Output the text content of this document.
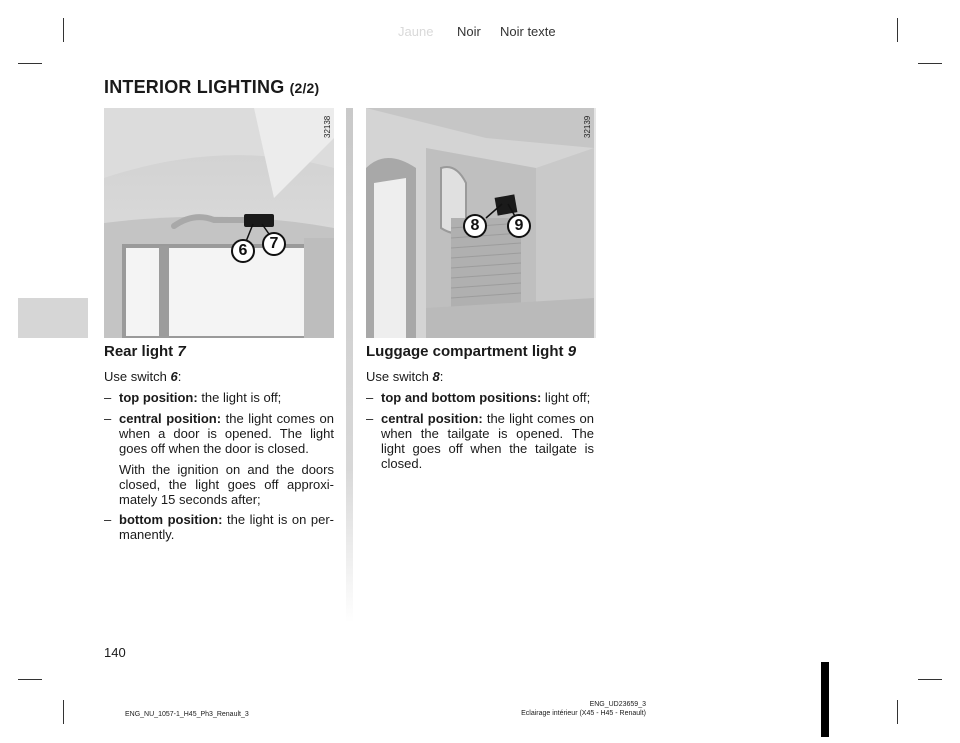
Jaune Noir Noir texte
INTERIOR LIGHTING (2/2)
32138
6	7
32139
8	9
Rear light 7
Use switch 6:
– top position: the light is off;
– central position: the light comes on when a door is opened. The light goes off when the door is closed.
With the ignition on and the doors closed, the light goes off approxi-mately 15 seconds after;
– bottom position: the light is on per-manently.
Luggage compartment light 9
Use switch 8:
– top and bottom positions: light off;
– central position: the light comes on when the tailgate is opened. The light goes off when the tailgate is closed.
140
ENG_NU_1057-1_H45_Ph3_Renault_3
ENG_UD23659_3
Eclairage intérieur (X45 - H45 - Renault)
